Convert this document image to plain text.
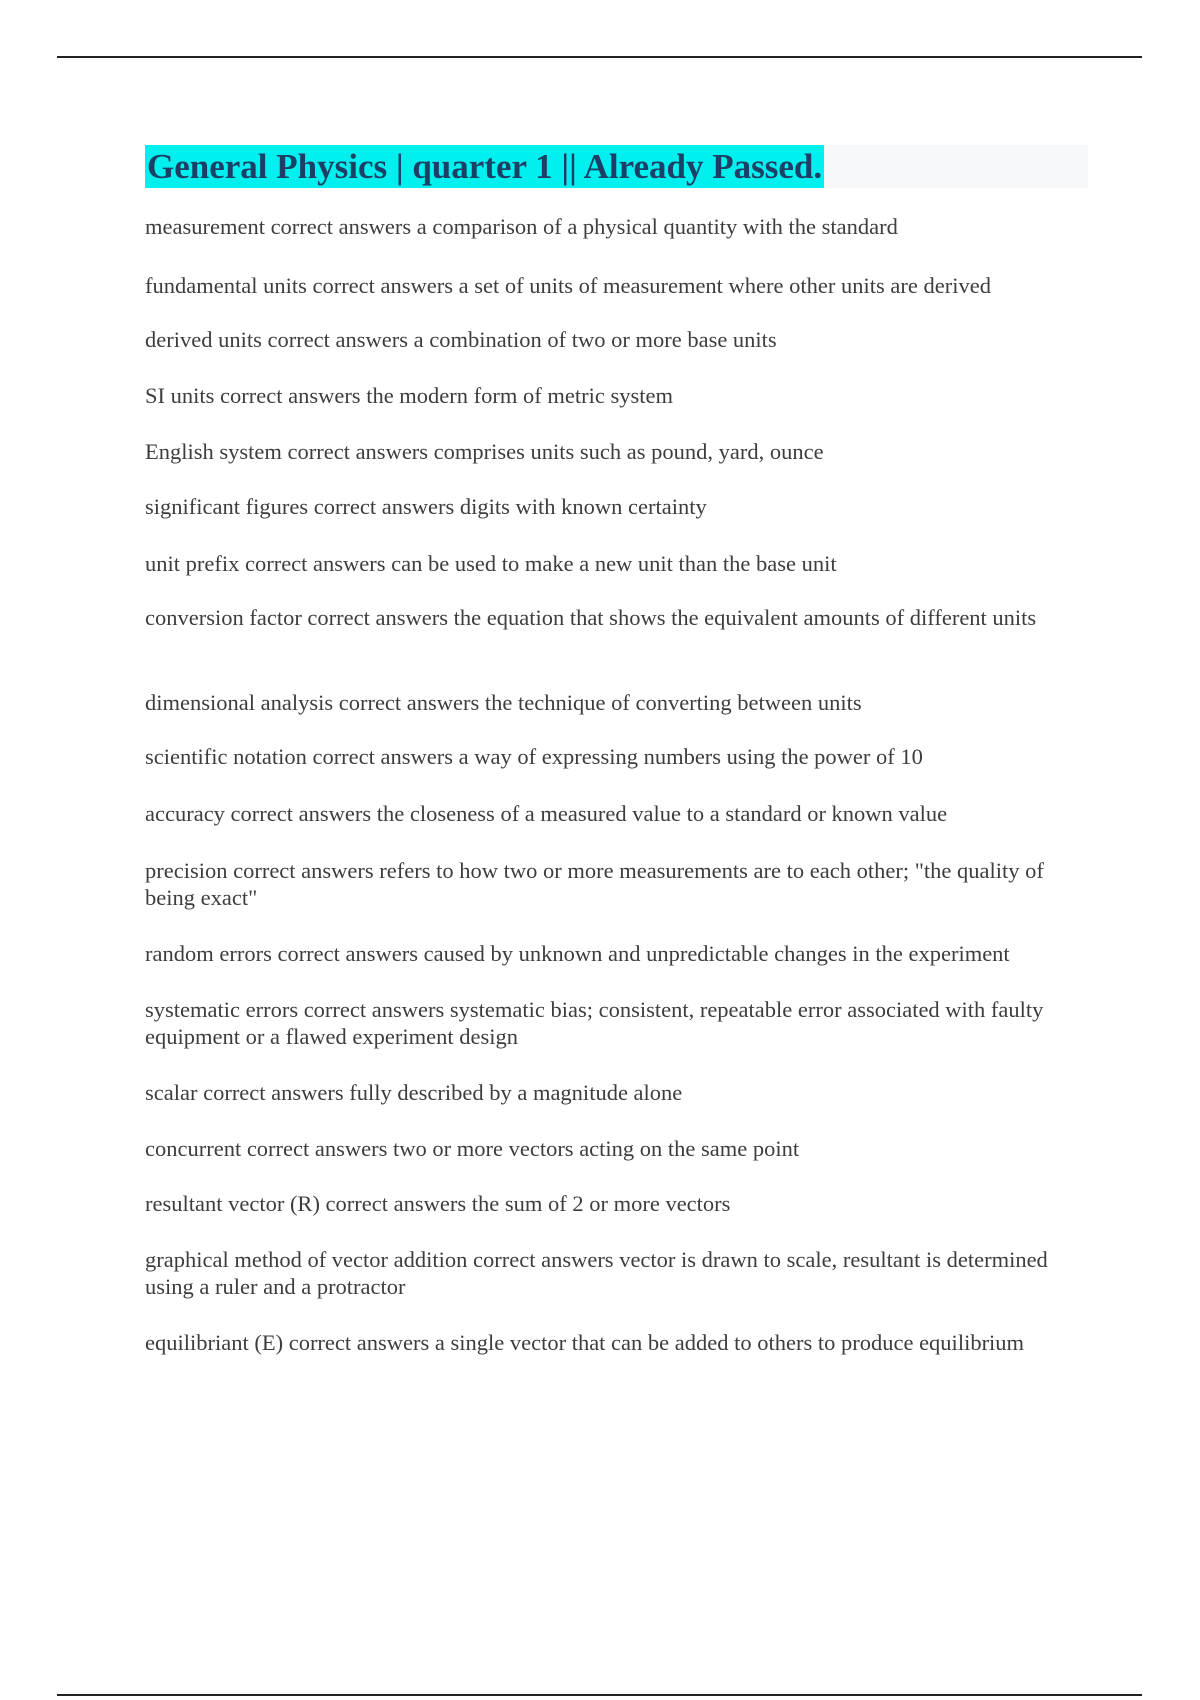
General Physics | quarter 1 || Already Passed.

measurement correct answers a comparison of a physical quantity with the standard

fundamental units correct answers a set of units of measurement where other units are derived

derived units correct answers a combination of two or more base units

SI units correct answers the modern form of metric system

English system correct answers comprises units such as pound, yard, ounce

significant figures correct answers digits with known certainty

unit prefix correct answers can be used to make a new unit than the base unit

conversion factor correct answers the equation that shows the equivalent amounts of different units

dimensional analysis correct answers the technique of converting between units

scientific notation correct answers a way of expressing numbers using the power of 10

accuracy correct answers the closeness of a measured value to a standard or known value

precision correct answers refers to how two or more measurements are to each other; "the quality of being exact"

random errors correct answers caused by unknown and unpredictable changes in the experiment

systematic errors correct answers systematic bias; consistent, repeatable error associated with faulty equipment or a flawed experiment design

scalar correct answers fully described by a magnitude alone

concurrent correct answers two or more vectors acting on the same point

resultant vector (R) correct answers the sum of 2 or more vectors

graphical method of vector addition correct answers vector is drawn to scale, resultant is determined using a ruler and a protractor

equilibriant (E) correct answers a single vector that can be added to others to produce equilibrium
